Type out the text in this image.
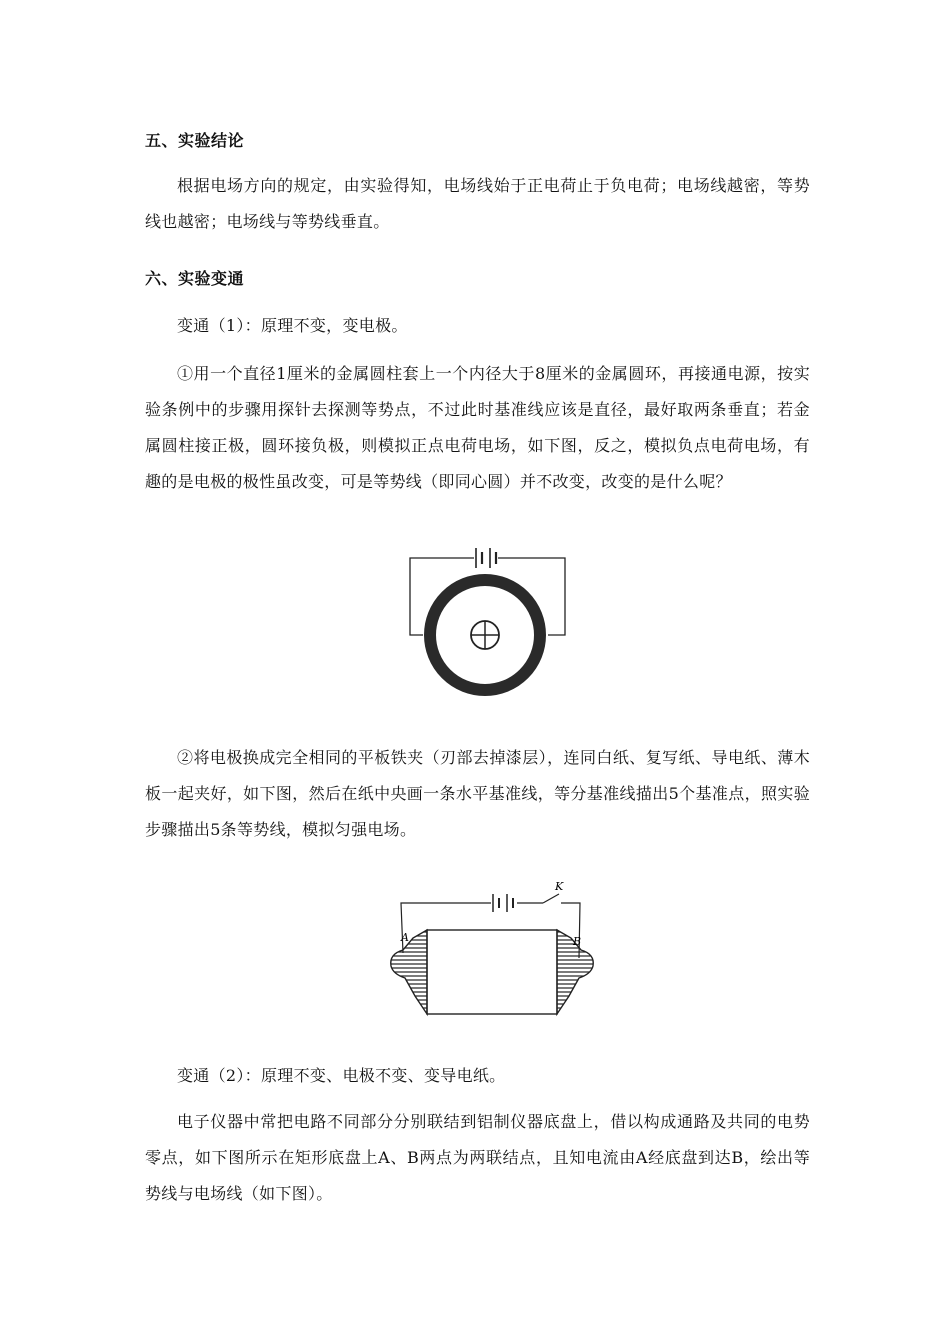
五、实验结论
根据电场方向的规定，由实验得知，电场线始于正电荷止于负电荷；电场线越密，等势线也越密；电场线与等势线垂直。
六、实验变通
变通（1）：原理不变，变电极。
①用一个直径1厘米的金属圆柱套上一个内径大于8厘米的金属圆环，再接通电源，按实验条例中的步骤用探针去探测等势点，不过此时基准线应该是直径，最好取两条垂直；若金属圆柱接正极，圆环接负极，则模拟正点电荷电场，如下图，反之，模拟负点电荷电场，有趣的是电极的极性虽改变，可是等势线（即同心圆）并不改变，改变的是什么呢？
②将电极换成完全相同的平板铁夹（刃部去掉漆层），连同白纸、复写纸、导电纸、薄木板一起夹好，如下图，然后在纸中央画一条水平基准线，等分基准线描出5个基准点，照实验步骤描出5条等势线，模拟匀强电场。
K
A	B
变通（2）：原理不变、电极不变、变导电纸。
电子仪器中常把电路不同部分分别联结到铝制仪器底盘上，借以构成通路及共同的电势零点，如下图所示在矩形底盘上A、B两点为两联结点，且知电流由A经底盘到达B，绘出等势线与电场线（如下图）。
